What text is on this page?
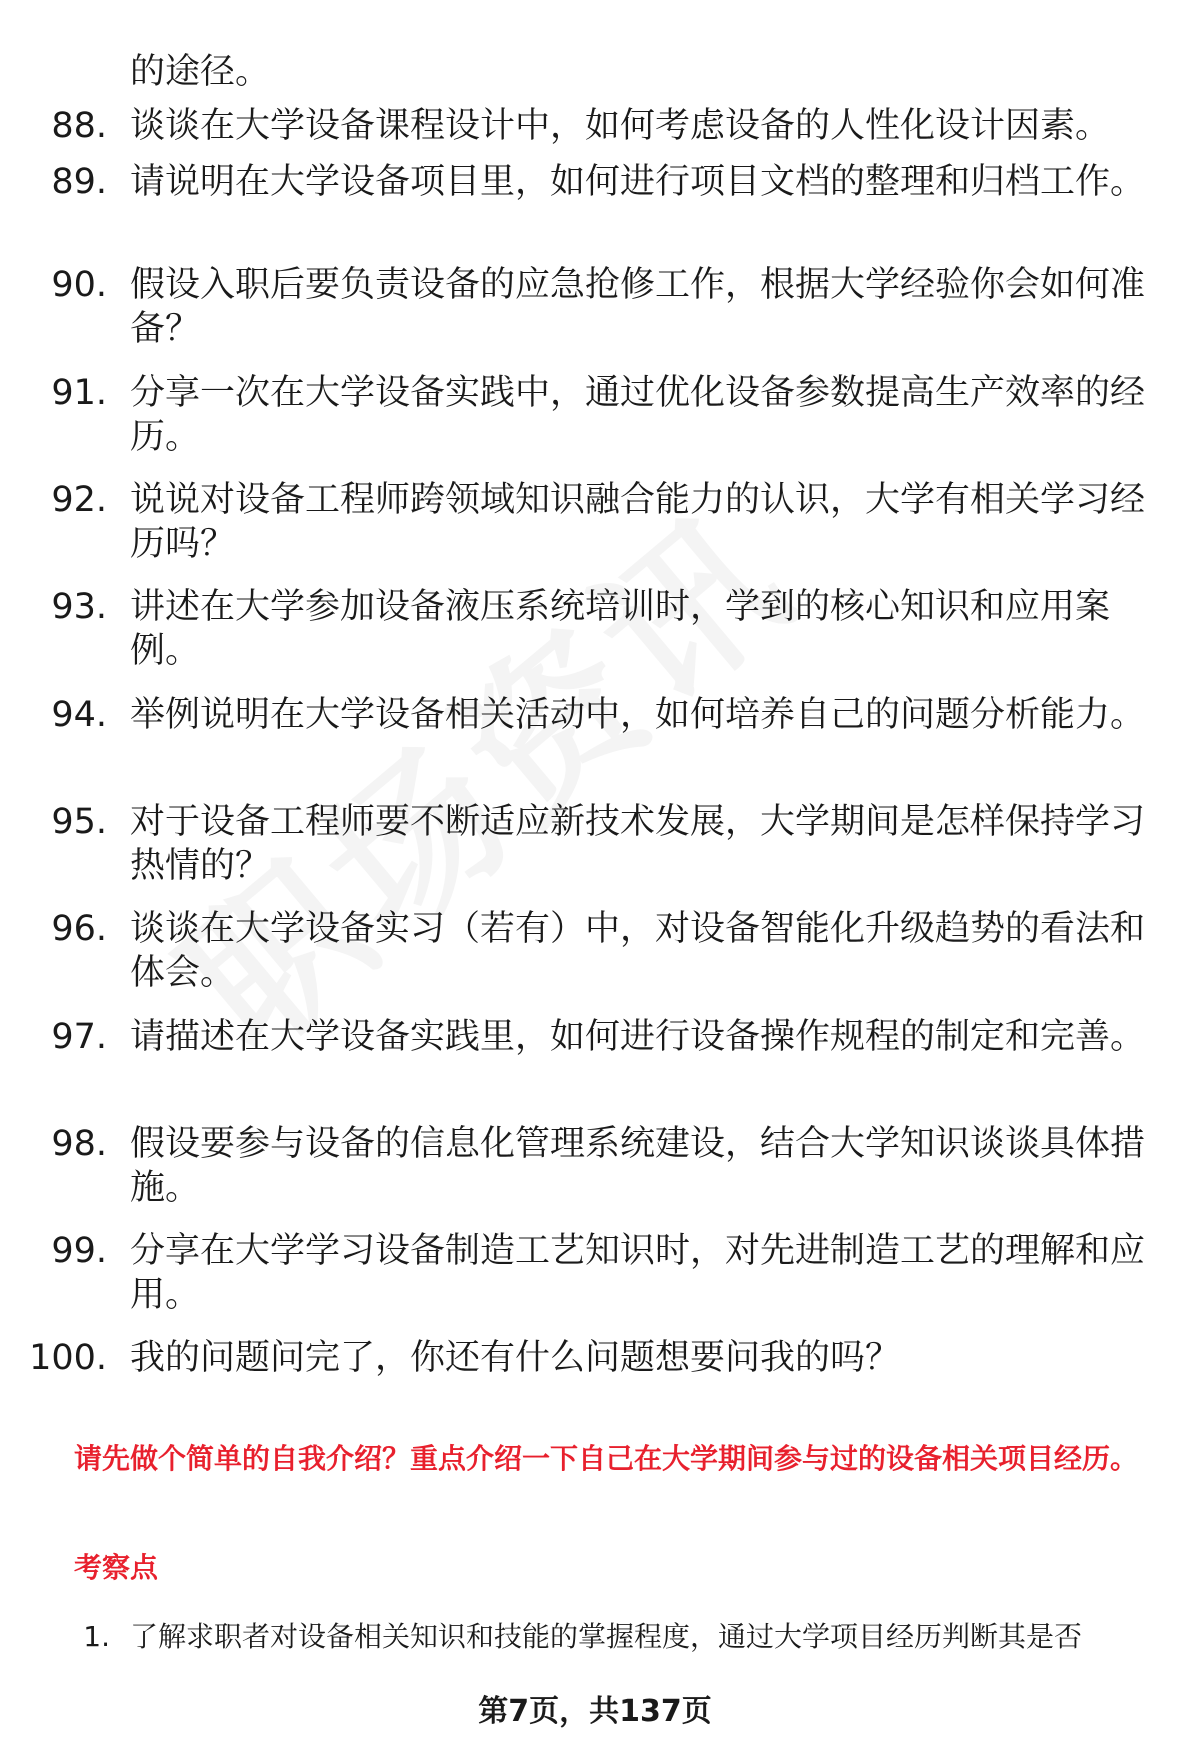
的途径。
88. 谈谈在大学设备课程设计中，如何考虑设备的人性化设计因素。
89. 请说明在大学设备项目里，如何进行项目文档的整理和归档工作。
90. 假设入职后要负责设备的应急抢修工作，根据大学经验你会如何准备？
91. 分享一次在大学设备实践中，通过优化设备参数提高生产效率的经历。
92. 说说对设备工程师跨领域知识融合能力的认识，大学有相关学习经历吗？
93. 讲述在大学参加设备液压系统培训时，学到的核心知识和应用案例。
94. 举例说明在大学设备相关活动中，如何培养自己的问题分析能力。
95. 对于设备工程师要不断适应新技术发展，大学期间是怎样保持学习热情的？
96. 谈谈在大学设备实习（若有）中，对设备智能化升级趋势的看法和体会。
97. 请描述在大学设备实践里，如何进行设备操作规程的制定和完善。
98. 假设要参与设备的信息化管理系统建设，结合大学知识谈谈具体措施。
99. 分享在大学学习设备制造工艺知识时，对先进制造工艺的理解和应用。
100. 我的问题问完了，你还有什么问题想要问我的吗？
请先做个简单的自我介绍？重点介绍一下自己在大学期间参与过的设备相关项目经历。
考察点
1. 了解求职者对设备相关知识和技能的掌握程度，通过大学项目经历判断其是否
第7页，共137页
